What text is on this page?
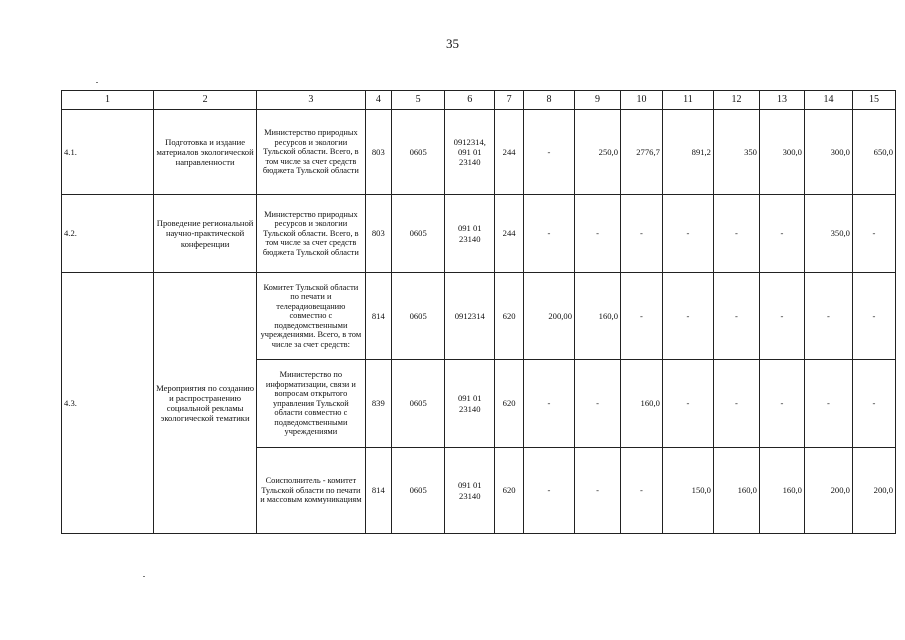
35
1	2	3	4	5	6	7	8	9	10	11	12	13	14	15
4.1.	Подготовка и издание материалов экологической направленности	Министерство природных ресурсов и экологии Тульской области. Всего, в том числе за счет средств бюджета Тульской области	803	0605	0912314, 091 01 23140	244	-	250,0	2776,7	891,2	350	300,0	300,0	650,0
4.2.	Проведение региональной научно-практической конференции	Министерство природных ресурсов и экологии Тульской области. Всего, в том числе за счет средств бюджета Тульской области	803	0605	091 01 23140	244	-	-	-	-	-	-	350,0	-
4.3.	Мероприятия по созданию и распространению социальной рекламы экологической тематики	Комитет Тульской области по печати и телерадиовещанию совместно с подведомственными учреждениями. Всего, в том числе за счет средств:	814	0605	0912314	620	200,00	160,0	-	-	-	-	-	-
		Министерство по информатизации, связи и вопросам открытого управления Тульской области совместно с подведомственными учреждениями	839	0605	091 01 23140	620	-	-	160,0	-	-	-	-	-
		Соисполнитель - комитет Тульской области по печати и массовым коммуникациям	814	0605	091 01 23140	620	-	-	-	150,0	160,0	160,0	200,0	200,0
